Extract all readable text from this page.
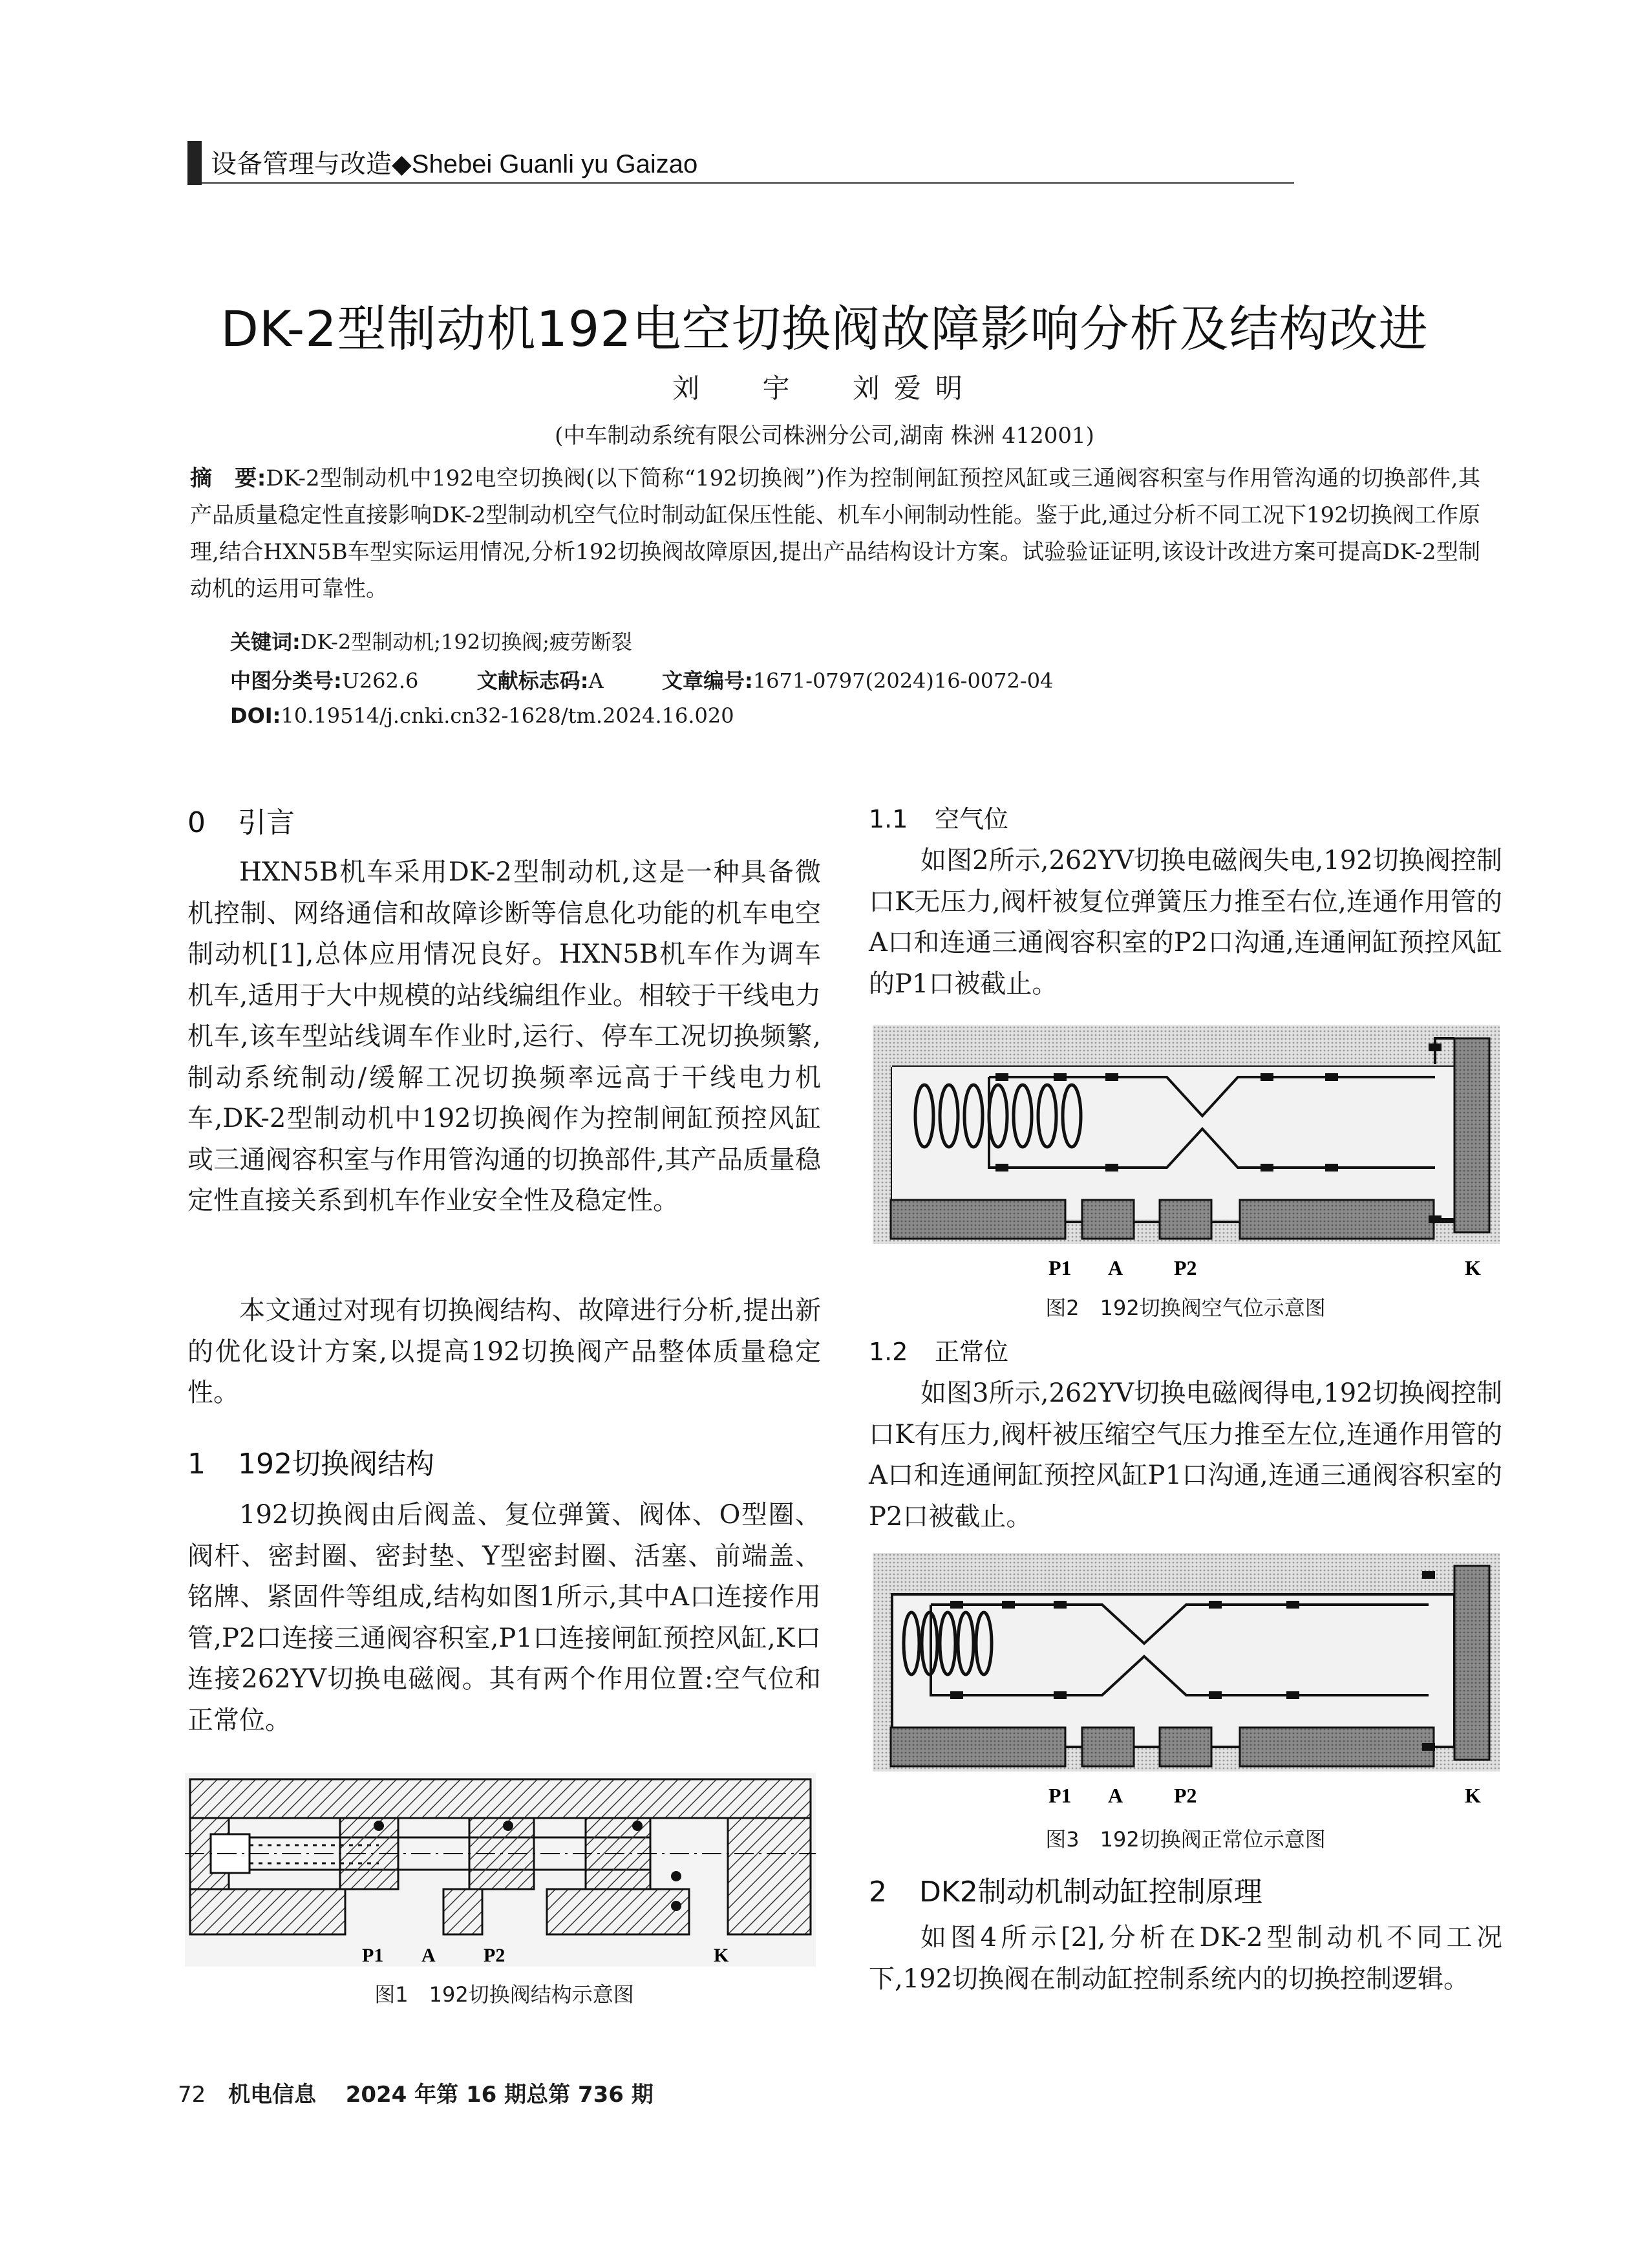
设备管理与改造◆Shebei Guanli yu Gaizao
DK-2型制动机192电空切换阀故障影响分析及结构改进
刘 宇 刘爱明
(中车制动系统有限公司株洲分公司,湖南 株洲 412001)
摘　要:DK-2型制动机中192电空切换阀(以下简称“192切换阀”)作为控制闸缸预控风缸或三通阀容积室与作用管沟通的切换部件,其产品质量稳定性直接影响DK-2型制动机空气位时制动缸保压性能、机车小闸制动性能。鉴于此,通过分析不同工况下192切换阀工作原理,结合HXN5B车型实际运用情况,分析192切换阀故障原因,提出产品结构设计方案。试验验证证明,该设计改进方案可提高DK-2型制动机的运用可靠性。
关键词:DK-2型制动机;192切换阀;疲劳断裂
中图分类号:U262.6	文献标志码:A	文章编号:1671-0797(2024)16-0072-04
DOI:10.19514/j.cnki.cn32-1628/tm.2024.16.020
0 引言
HXN5B机车采用DK-2型制动机,这是一种具备微机控制、网络通信和故障诊断等信息化功能的机车电空制动机[1],总体应用情况良好。HXN5B机车作为调车机车,适用于大中规模的站线编组作业。相较于干线电力机车,该车型站线调车作业时,运行、停车工况切换频繁,制动系统制动/缓解工况切换频率远高于干线电力机车,DK-2型制动机中192切换阀作为控制闸缸预控风缸或三通阀容积室与作用管沟通的切换部件,其产品质量稳定性直接关系到机车作业安全性及稳定性。
本文通过对现有切换阀结构、故障进行分析,提出新的优化设计方案,以提高192切换阀产品整体质量稳定性。
1 192切换阀结构
192切换阀由后阀盖、复位弹簧、阀体、O型圈、阀杆、密封圈、密封垫、Y型密封圈、活塞、前端盖、铭牌、紧固件等组成,结构如图1所示,其中A口连接作用管,P2口连接三通阀容积室,P1口连接闸缸预控风缸,K口连接262YV切换电磁阀。其有两个作用位置:空气位和正常位。
P1 A P2	K
图1　192切换阀结构示意图
1.1 空气位
如图2所示,262YV切换电磁阀失电,192切换阀控制口K无压力,阀杆被复位弹簧压力推至右位,连通作用管的A口和连通三通阀容积室的P2口沟通,连通闸缸预控风缸的P1口被截止。
P1 A P2	K
图2　192切换阀空气位示意图
1.2 正常位
如图3所示,262YV切换电磁阀得电,192切换阀控制口K有压力,阀杆被压缩空气压力推至左位,连通作用管的A口和连通闸缸预控风缸P1口沟通,连通三通阀容积室的P2口被截止。
P1 A P2	K
图3　192切换阀正常位示意图
2 DK2制动机制动缸控制原理
如图4所示[2],分析在DK-2型制动机不同工况下,192切换阀在制动缸控制系统内的切换控制逻辑。
72 机电信息 2024 年第 16 期总第 736 期
